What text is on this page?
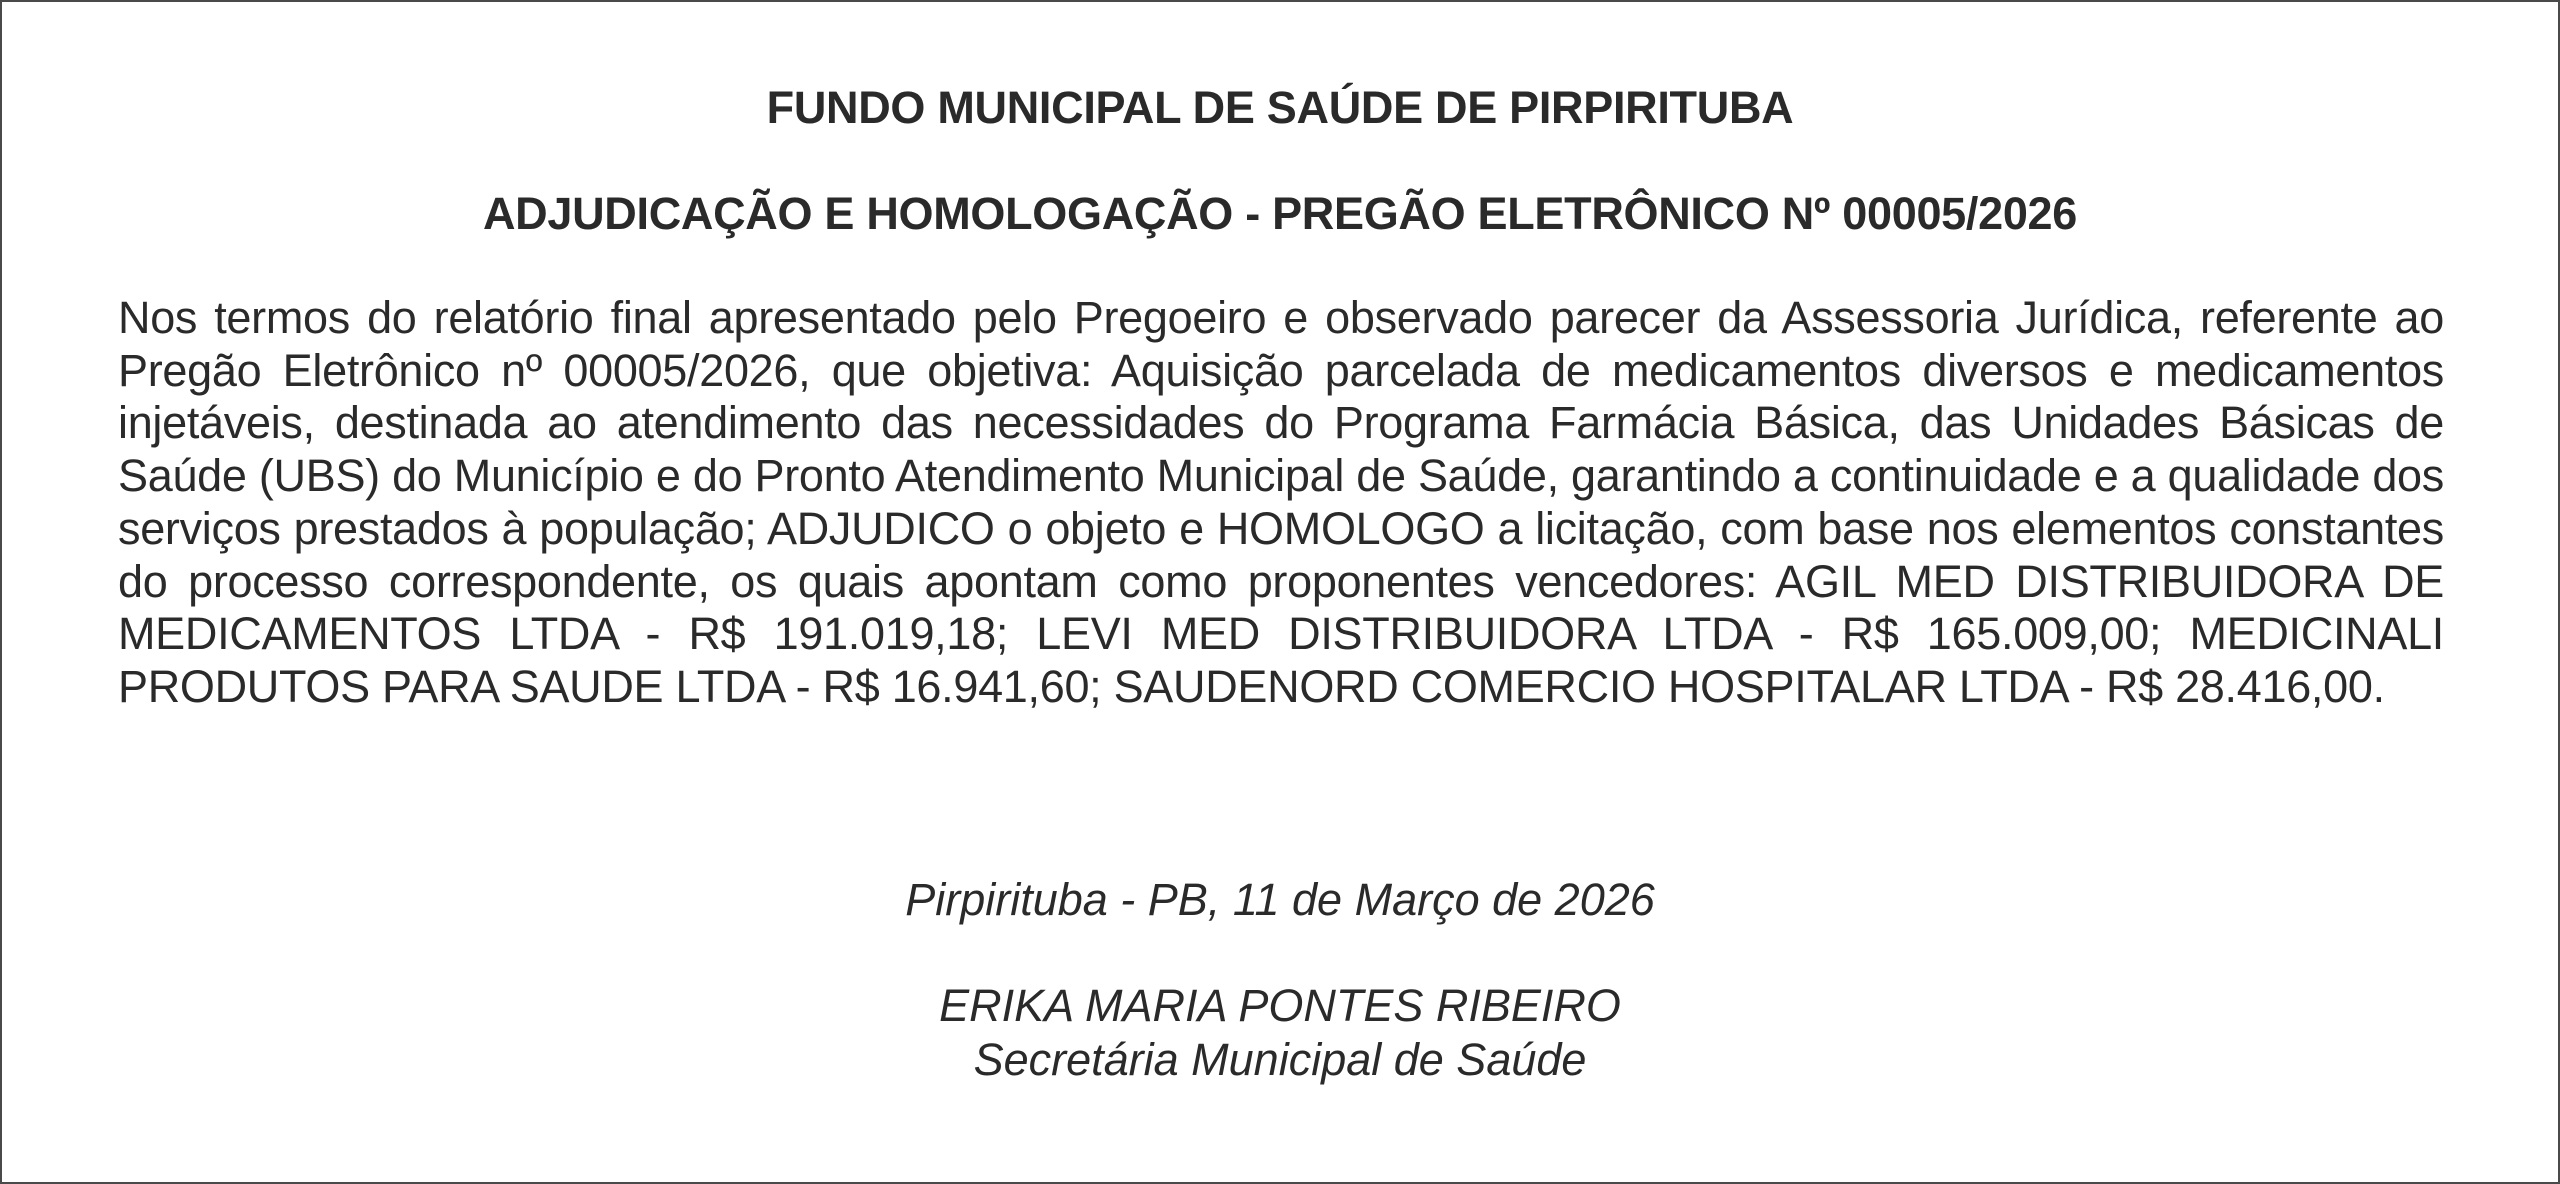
FUNDO MUNICIPAL DE SAÚDE DE PIRPIRITUBA
ADJUDICAÇÃO E HOMOLOGAÇÃO - PREGÃO ELETRÔNICO Nº 00005/2026
Nos termos do relatório final apresentado pelo Pregoeiro e observado parecer da Assessoria Jurídica, referente ao Pregão Eletrônico nº 00005/2026, que objetiva: Aquisição parcelada de medicamentos diversos e medicamentos injetáveis, destinada ao atendimento das necessidades do Programa Farmácia Básica, das Unidades Básicas de Saúde (UBS) do Município e do Pronto Atendimento Municipal de Saúde, garantindo a continuidade e a qualidade dos serviços prestados à população; ADJUDICO o objeto e HOMOLOGO a licitação, com base nos elementos constantes do processo correspondente, os quais apontam como proponentes vencedores: AGIL MED DISTRIBUIDORA DE MEDICAMENTOS LTDA - R$ 191.019,18; LEVI MED DISTRIBUIDORA LTDA - R$ 165.009,00; MEDICINALI PRODUTOS PARA SAUDE LTDA - R$ 16.941,60; SAUDENORD COMERCIO HOSPITALAR LTDA - R$ 28.416,00.
Pirpirituba - PB, 11 de Março de 2026
ERIKA MARIA PONTES RIBEIRO
Secretária Municipal de Saúde
